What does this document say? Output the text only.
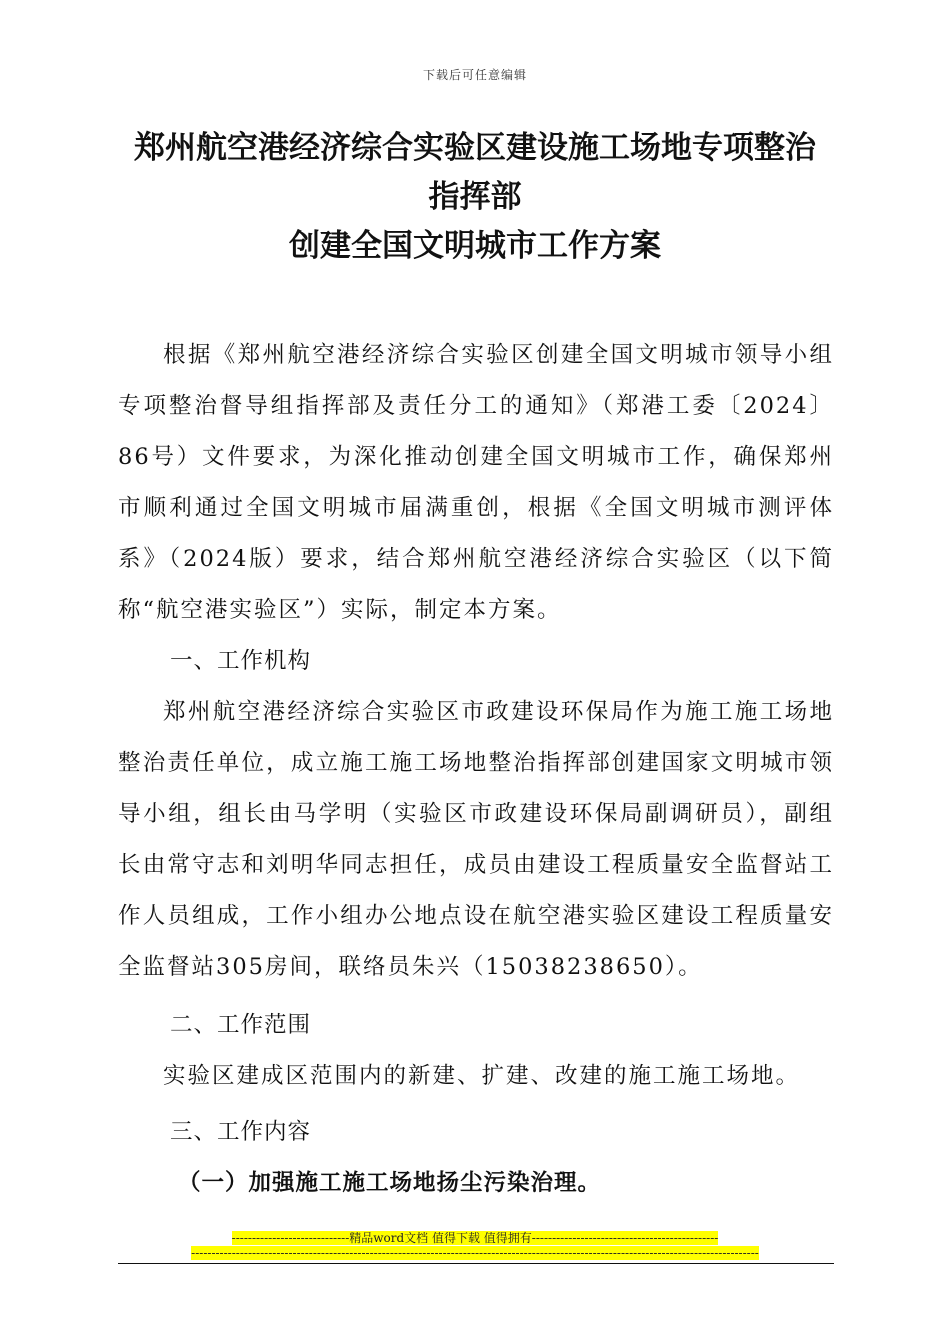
下载后可任意编辑
郑州航空港经济综合实验区建设施工场地专项整治
指挥部
创建全国文明城市工作方案

根据《郑州航空港经济综合实验区创建全国文明城市领导小组专项整治督导组指挥部及责任分工的通知》（郑港工委〔2024〕86号）文件要求，为深化推动创建全国文明城市工作，确保郑州市顺利通过全国文明城市届满重创，根据《全国文明城市测评体系》（2024版）要求，结合郑州航空港经济综合实验区（以下简称“航空港实验区”）实际，制定本方案。

一、工作机构

郑州航空港经济综合实验区市政建设环保局作为施工施工场地整治责任单位，成立施工施工场地整治指挥部创建国家文明城市领导小组，组长由马学明（实验区市政建设环保局副调研员），副组长由常守志和刘明华同志担任，成员由建设工程质量安全监督站工作人员组成，工作小组办公地点设在航空港实验区建设工程质量安全监督站305房间，联络员朱兴（15038238650）。

二、工作范围

实验区建成区范围内的新建、扩建、改建的施工施工场地。

三、工作内容

（一）加强施工施工场地扬尘污染治理。

-----------------------------精品word文档 值得下载 值得拥有----------------------------------------------
--------------------------------------------------------------------------------------------------------------------------------------------
